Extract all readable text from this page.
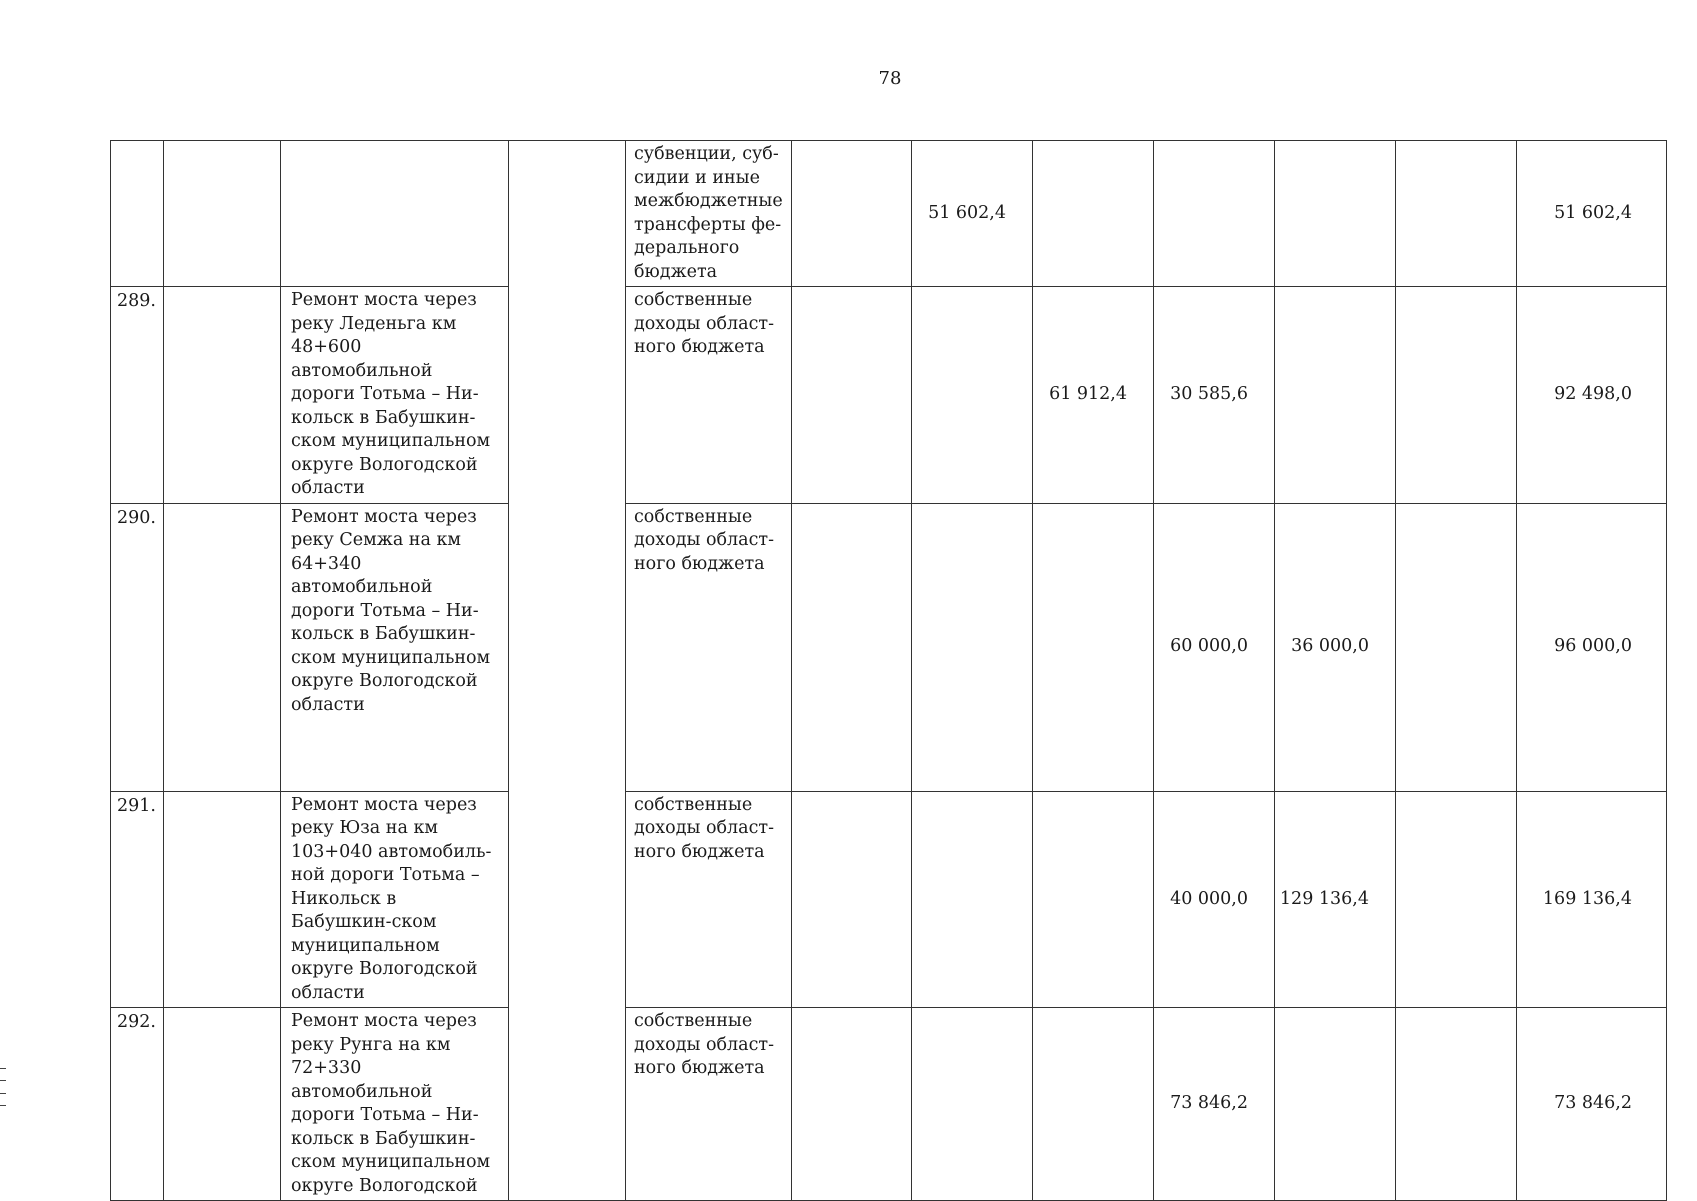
78
				субвенции, суб-сидии и иные межбюджетные трансферты фе-дерального бюджета		51 602,4					51 602,4
289.		Ремонт моста через реку Леденьга км 48+600 автомобильной дороги Тотьма – Ни-кольск в Бабушкин-ском муниципальном округе Вологодской области		собственные доходы област-ного бюджета			61 912,4	30 585,6			92 498,0
290.		Ремонт моста через реку Семжа на км 64+340 автомобильной дороги Тотьма – Ни-кольск в Бабушкин-ском муниципальном округе Вологодской области		собственные доходы област-ного бюджета				60 000,0	36 000,0		96 000,0
291.		Ремонт моста через реку Юза на км 103+040 автомобиль-ной дороги Тотьма – Никольск в Бабушкин-ском муниципальном округе Вологодской области		собственные доходы област-ного бюджета				40 000,0	129 136,4		169 136,4
292.		Ремонт моста через реку Рунга на км 72+330 автомобильной дороги Тотьма – Ни-кольск в Бабушкин-ском муниципальном округе Вологодской		собственные доходы област-ного бюджета				73 846,2			73 846,2
